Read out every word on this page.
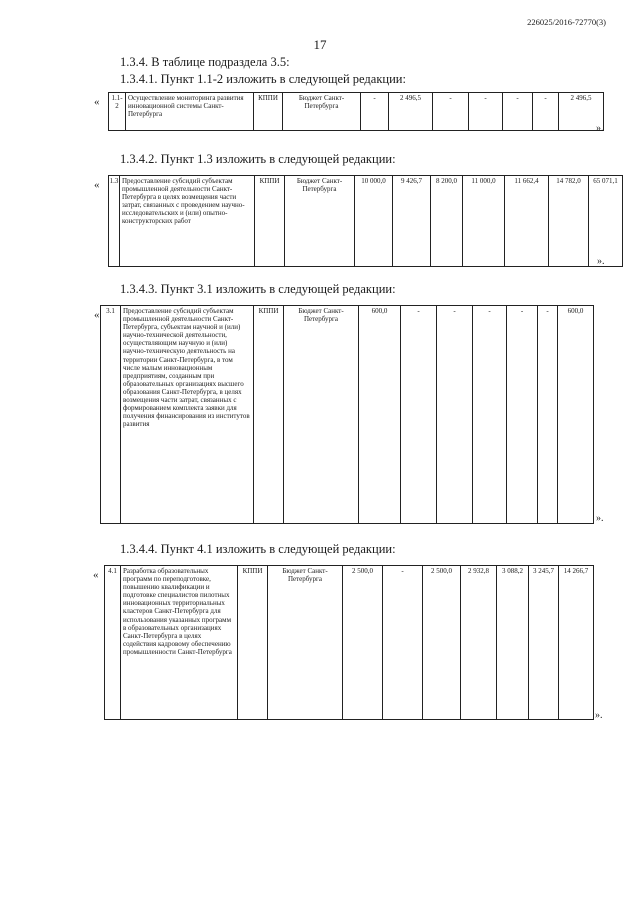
226025/2016-72770(3)
17
1.3.4. В таблице подраздела 3.5:
1.3.4.1. Пункт 1.1-2 изложить в следующей редакции:
« 1.1-2	Осуществление мониторинга развития инновационной системы Санкт-Петербурга	КППИ	Бюджет Санкт-Петербурга	-	2 496,5	-	-	-	-	2 496,5
».
1.3.4.2. Пункт 1.3 изложить в следующей редакции:
« 1.3	Предоставление субсидий субъектам промышленной деятельности Санкт-Петербурга в целях возмещения части затрат, связанных с проведением научно-исследовательских и (или) опытно-конструкторских работ	КППИ	Бюджет Санкт-Петербурга	10 000,0	9 426,7	8 200,0	11 000,0	11 662,4	14 782,0	65 071,1
».
1.3.4.3. Пункт 3.1 изложить в следующей редакции:
« 3.1	Предоставление субсидий субъектам промышленной деятельности Санкт-Петербурга, субъектам научной и (или) научно-технической деятельности, осуществляющим научную и (или) научно-техническую деятельность на территории Санкт-Петербурга, в том числе малым инновационным предприятиям, созданным при образовательных организациях высшего образования Санкт-Петербурга, в целях возмещения части затрат, связанных с формированием комплекта заявки для получения финансирования из институтов развития	КППИ	Бюджет Санкт-Петербурга	600,0	-	-	-	-	-	600,0
».
1.3.4.4. Пункт 4.1 изложить в следующей редакции:
« 4.1	Разработка образовательных программ по переподготовке, повышению квалификации и подготовке специалистов пилотных инновационных территориальных кластеров Санкт-Петербурга для использования указанных программ в образовательных организациях Санкт-Петербурга в целях содействия кадровому обеспечению промышленности Санкт-Петербурга	КППИ	Бюджет Санкт-Петербурга	2 500,0	-	2 500,0	2 932,8	3 088,2	3 245,7	14 266,7
».
